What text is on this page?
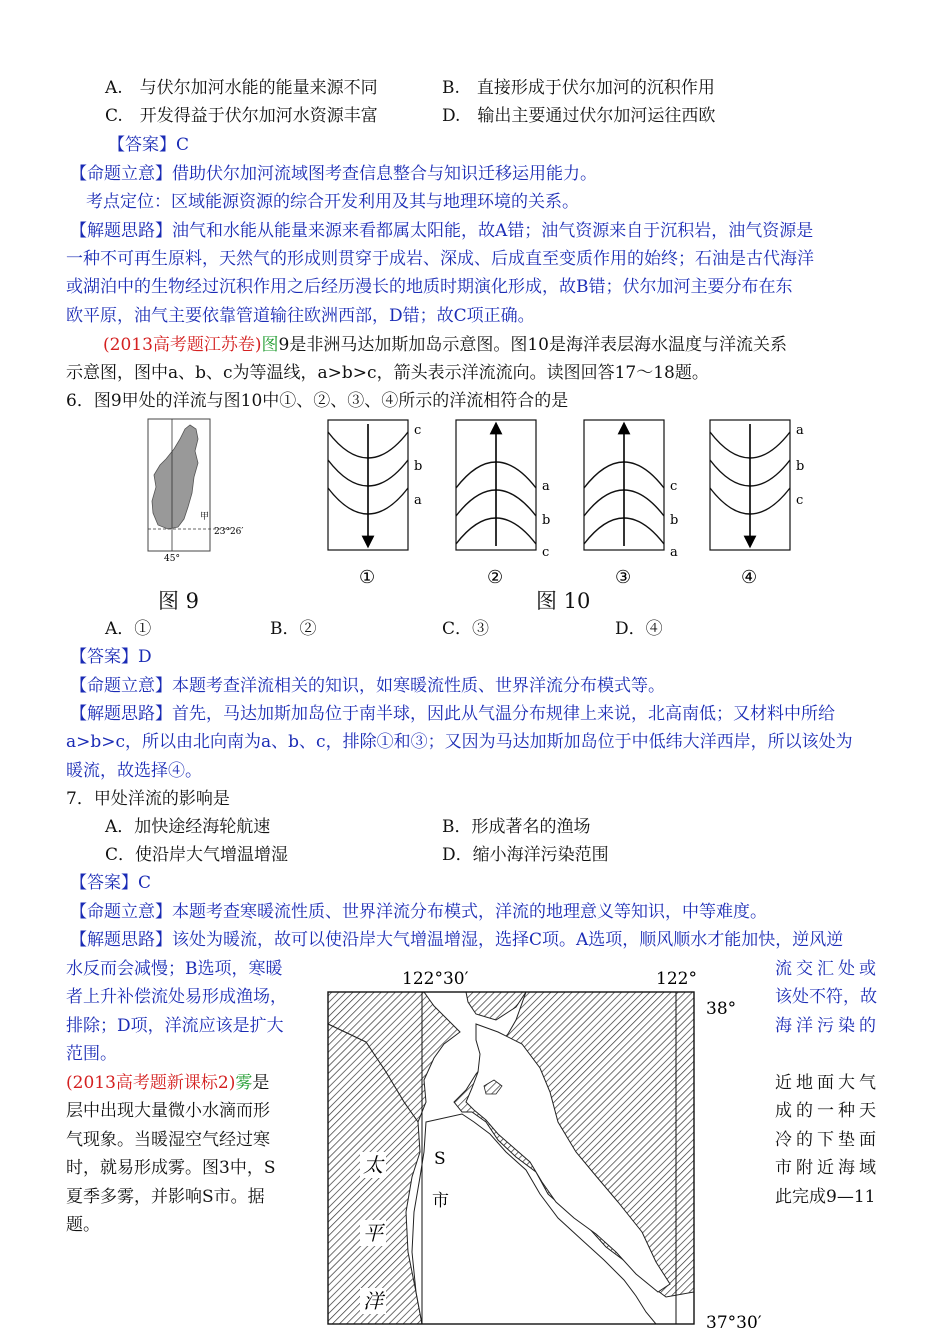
A.　与伏尔加河水能的能量来源不同	B.　直接形成于伏尔加河的沉积作用
C.　开发得益于伏尔加河水资源丰富	D.　输出主要通过伏尔加河运往西欧
【答案】C
【命题立意】借助伏尔加河流域图考查信息整合与知识迁移运用能力。
考点定位：区域能源资源的综合开发利用及其与地理环境的关系。
【解题思路】油气和水能从能量来源来看都属太阳能，故A错；油气资源来自于沉积岩，油气资源是
一种不可再生原料，天然气的形成则贯穿于成岩、深成、后成直至变质作用的始终；石油是古代海洋
或湖泊中的生物经过沉积作用之后经历漫长的地质时期演化形成，故B错；伏尔加河主要分布在东
欧平原，油气主要依靠管道输往欧洲西部，D错；故C项正确。
(2013高考题江苏卷)图9是非洲马达加斯加岛示意图。图10是海洋表层海水温度与洋流关系
示意图，图中a、b、c为等温线，a>b>c，箭头表示洋流流向。读图回答17～18题。
6．图9甲处的洋流与图10中①、②、③、④所示的洋流相符合的是
甲
23°26′
45°
图 9
c
b
a
①
a
b
c
②
c
b
a
③
a
b
c
④
图 10
A．①	B．②	C．③	D．④
【答案】D
【命题立意】本题考查洋流相关的知识，如寒暖流性质、世界洋流分布模式等。
【解题思路】首先，马达加斯加岛位于南半球，因此从气温分布规律上来说，北高南低；又材料中所给
a>b>c，所以由北向南为a、b、c，排除①和③；又因为马达加斯加岛位于中低纬大洋西岸，所以该处为
暖流，故选择④。
7．甲处洋流的影响是
A．加快途经海轮航速	B．形成著名的渔场
C．使沿岸大气增温增湿	D．缩小海洋污染范围
【答案】C
【命题立意】本题考查寒暖流性质、世界洋流分布模式，洋流的地理意义等知识，中等难度。
【解题思路】该处为暖流，故可以使沿岸大气增温增湿，选择C项。A选项，顺风顺水才能加快，逆风逆
水反而会减慢；B选项，寒暖
者上升补偿流处易形成渔场，
排除；D项，洋流应该是扩大
范围。
流交汇处或
该处不符，故
海洋污染的
(2013高考题新课标2)雾是
层中出现大量微小水滴而形
气现象。当暖湿空气经过寒
时，就易形成雾。图3中，S
夏季多雾，并影响S市。据
题。
近地面大气
成的一种天
冷的下垫面
市附近海域
此完成9—11
122°30′	122°
38°
37°30′
S
市
太
平
洋
